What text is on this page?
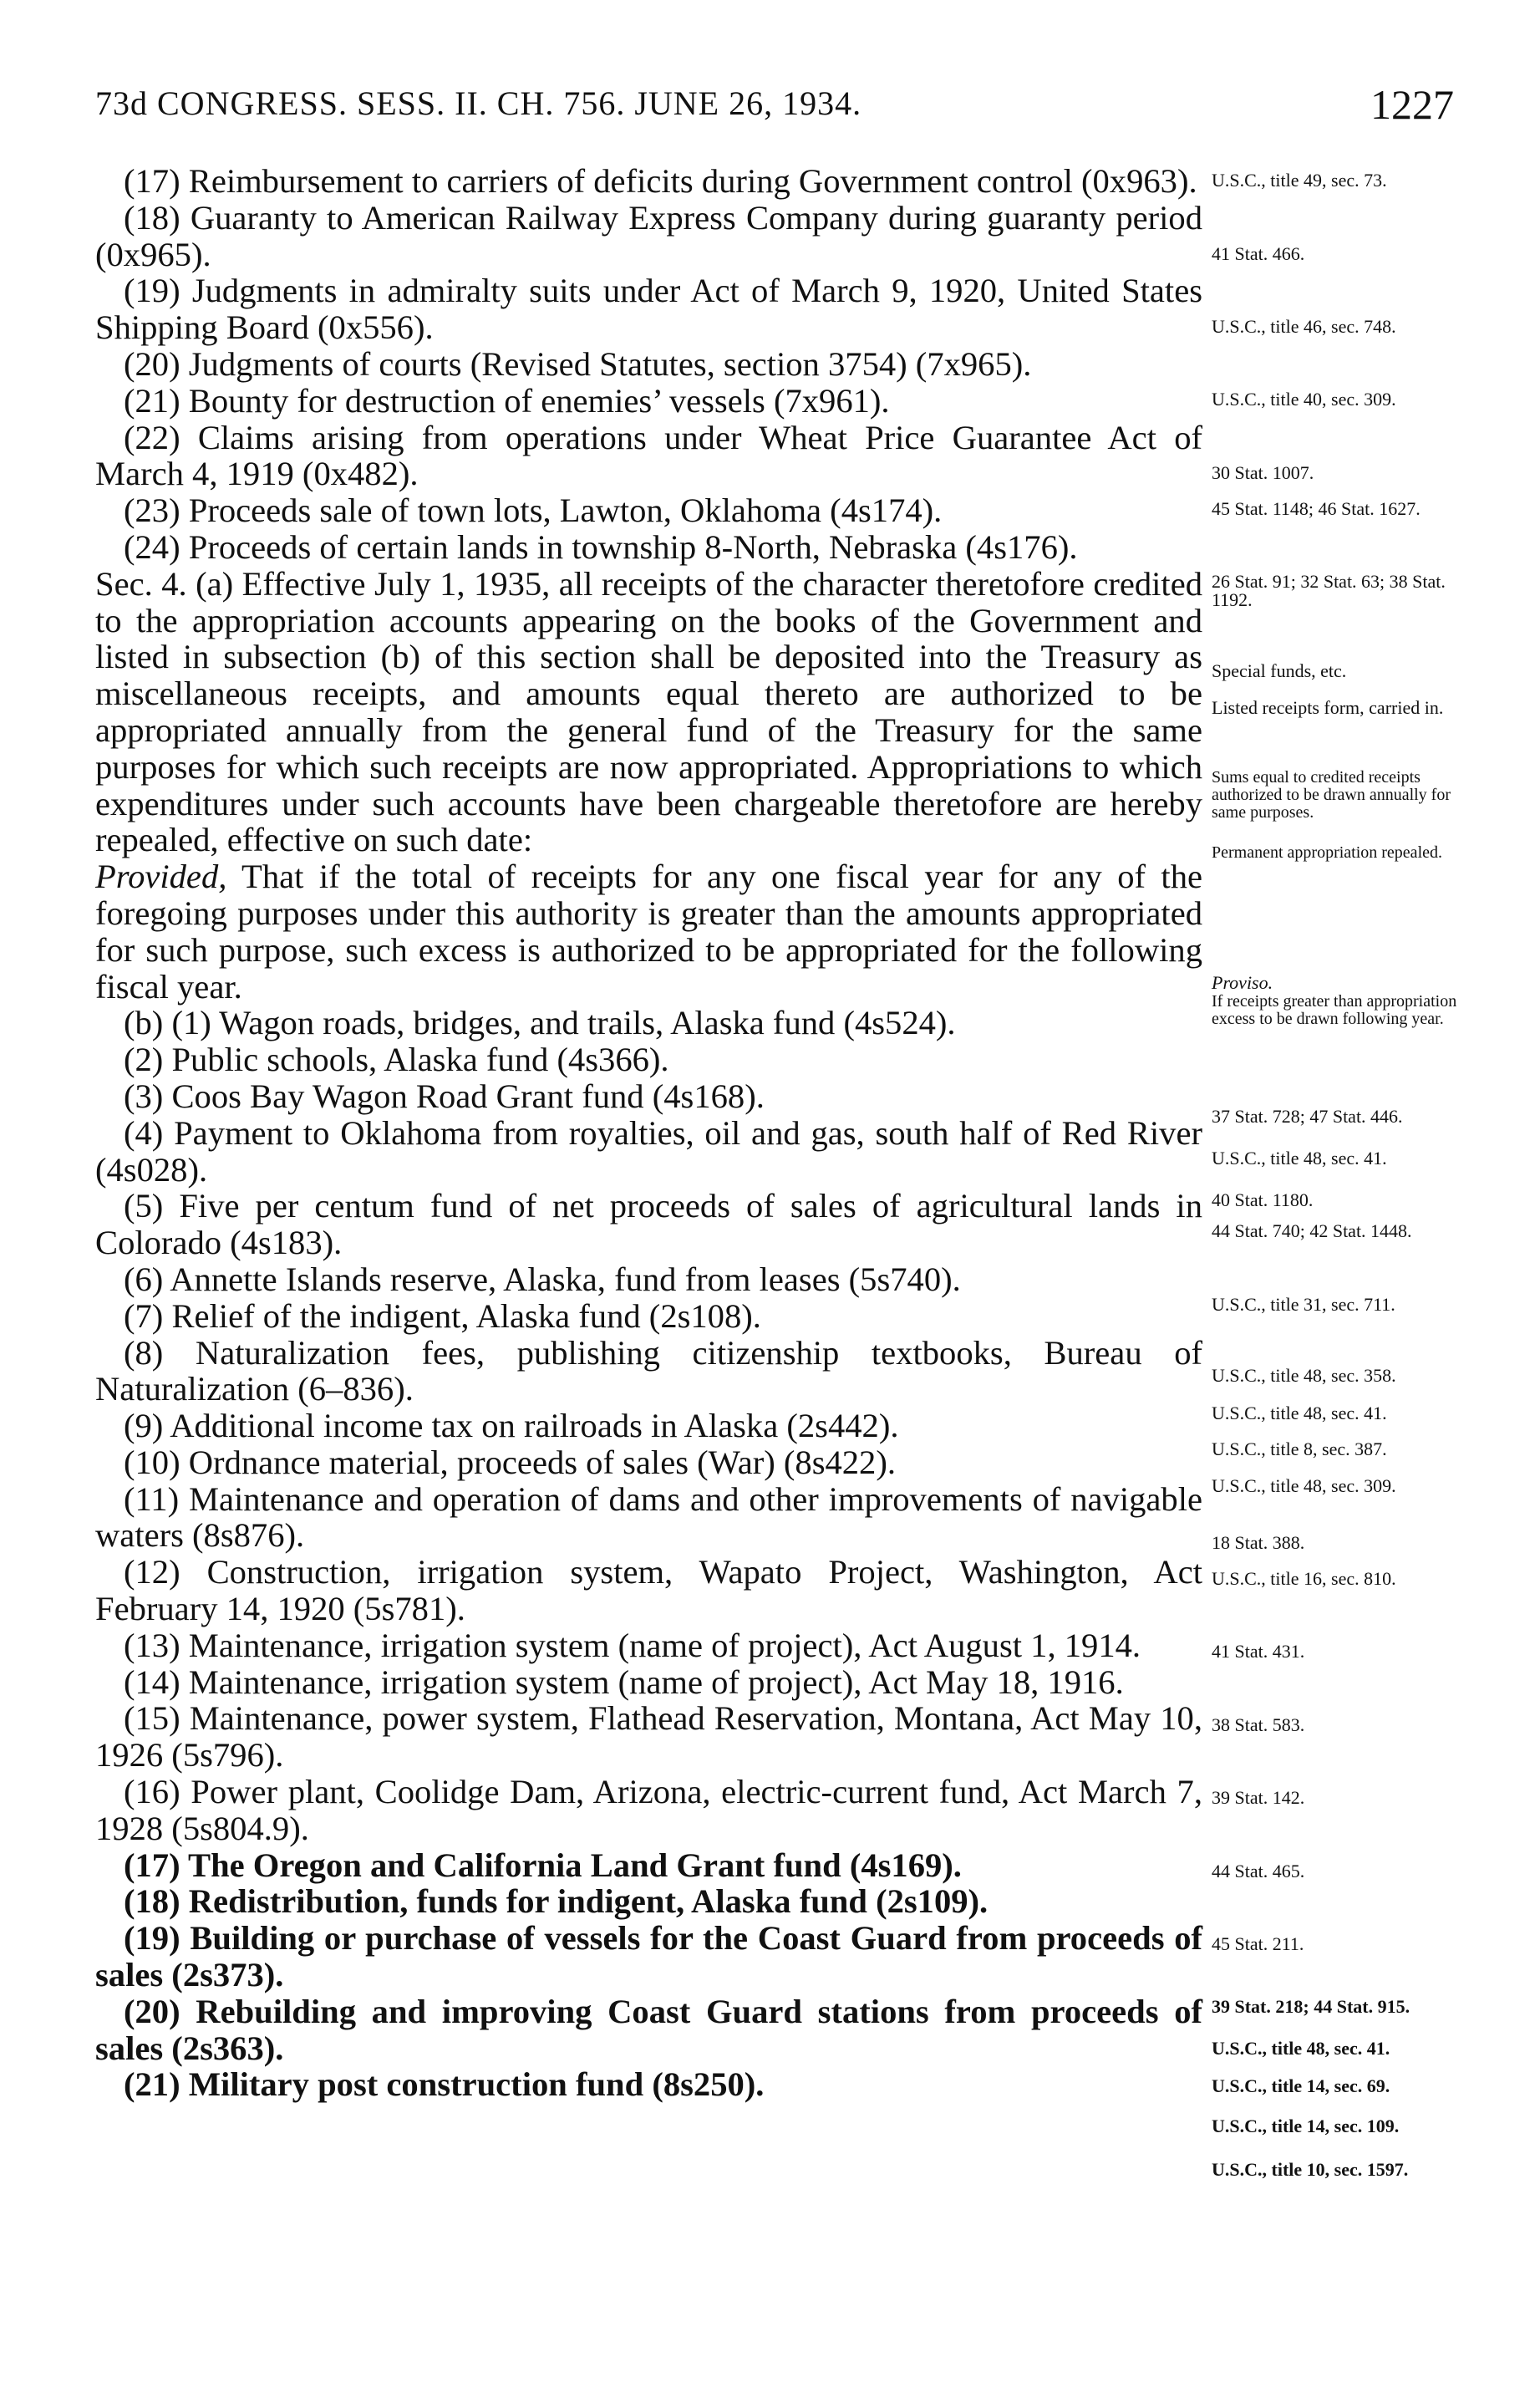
73d CONGRESS. SESS. II. CH. 756. JUNE 26, 1934.	1227

(17) Reimbursement to carriers of deficits during Government control (0x963).

(18) Guaranty to American Railway Express Company during guaranty period (0x965).

(19) Judgments in admiralty suits under Act of March 9, 1920, United States Shipping Board (0x556).

(20) Judgments of courts (Revised Statutes, section 3754) (7x965).

(21) Bounty for destruction of enemies’ vessels (7x961).

(22) Claims arising from operations under Wheat Price Guarantee Act of March 4, 1919 (0x482).

(23) Proceeds sale of town lots, Lawton, Oklahoma (4s174).

(24) Proceeds of certain lands in township 8-North, Nebraska (4s176).

Sec. 4. (a) Effective July 1, 1935, all receipts of the character theretofore credited to the appropriation accounts appearing on the books of the Government and listed in subsection (b) of this section shall be deposited into the Treasury as miscellaneous receipts, and amounts equal thereto are authorized to be appropriated annually from the general fund of the Treasury for the same purposes for which such receipts are now appropriated. Appropriations to which expenditures under such accounts have been chargeable theretofore are hereby repealed, effective on such date:

Provided, That if the total of receipts for any one fiscal year for any of the foregoing purposes under this authority is greater than the amounts appropriated for such purpose, such excess is authorized to be appropriated for the following fiscal year.

(b) (1) Wagon roads, bridges, and trails, Alaska fund (4s524).

(2) Public schools, Alaska fund (4s366).

(3) Coos Bay Wagon Road Grant fund (4s168).

(4) Payment to Oklahoma from royalties, oil and gas, south half of Red River (4s028).

(5) Five per centum fund of net proceeds of sales of agricultural lands in Colorado (4s183).

(6) Annette Islands reserve, Alaska, fund from leases (5s740).

(7) Relief of the indigent, Alaska fund (2s108).

(8) Naturalization fees, publishing citizenship textbooks, Bureau of Naturalization (6–836).

(9) Additional income tax on railroads in Alaska (2s442).

(10) Ordnance material, proceeds of sales (War) (8s422).

(11) Maintenance and operation of dams and other improvements of navigable waters (8s876).

(12) Construction, irrigation system, Wapato Project, Washington, Act February 14, 1920 (5s781).

(13) Maintenance, irrigation system (name of project), Act August 1, 1914.

(14) Maintenance, irrigation system (name of project), Act May 18, 1916.

(15) Maintenance, power system, Flathead Reservation, Montana, Act May 10, 1926 (5s796).

(16) Power plant, Coolidge Dam, Arizona, electric-current fund, Act March 7, 1928 (5s804.9).

(17) The Oregon and California Land Grant fund (4s169).

(18) Redistribution, funds for indigent, Alaska fund (2s109).

(19) Building or purchase of vessels for the Coast Guard from proceeds of sales (2s373).

(20) Rebuilding and improving Coast Guard stations from proceeds of sales (2s363).

(21) Military post construction fund (8s250).

U.S.C., title 49, sec. 73.
41 Stat. 466.
U.S.C., title 46, sec. 748.
U.S.C., title 40, sec. 309.
30 Stat. 1007.
45 Stat. 1148; 46 Stat. 1627.
26 Stat. 91; 32 Stat. 63; 38 Stat. 1192.
Special funds, etc.
Listed receipts form, carried in.
Sums equal to credited receipts authorized to be drawn annually for same purposes.
Permanent appropriation repealed.
Proviso.
If receipts greater than appropriation excess to be drawn following year.
37 Stat. 728; 47 Stat. 446.
U.S.C., title 48, sec. 41.
40 Stat. 1180.
44 Stat. 740; 42 Stat. 1448.
U.S.C., title 31, sec. 711.
U.S.C., title 48, sec. 358.
U.S.C., title 48, sec. 41.
U.S.C., title 8, sec. 387.
U.S.C., title 48, sec. 309.
18 Stat. 388.
U.S.C., title 16, sec. 810.
41 Stat. 431.
38 Stat. 583.
39 Stat. 142.
44 Stat. 465.
45 Stat. 211.
39 Stat. 218; 44 Stat. 915.
U.S.C., title 48, sec. 41.
U.S.C., title 14, sec. 69.
U.S.C., title 14, sec. 109.
U.S.C., title 10, sec. 1597.
